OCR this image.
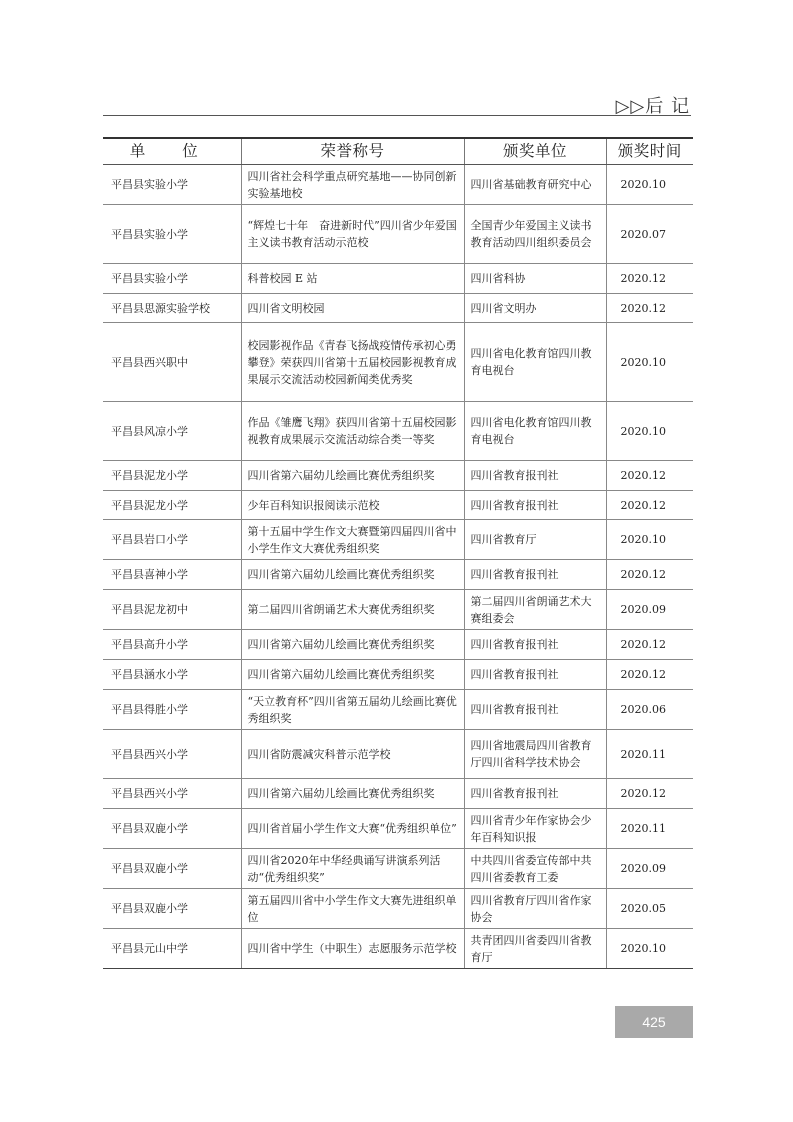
▷▷后 记
单 位	荣誉称号	颁奖单位	颁奖时间
平昌县实验小学	四川省社会科学重点研究基地——协同创新实验基地校	四川省基础教育研究中心	2020.10
平昌县实验小学	“辉煌七十年　奋进新时代”四川省少年爱国主义读书教育活动示范校	全国青少年爱国主义读书教育活动四川组织委员会	2020.07
平昌县实验小学	科普校园 E 站	四川省科协	2020.12
平昌县思源实验学校	四川省文明校园	四川省文明办	2020.12
平昌县西兴职中	校园影视作品《青春飞扬战疫情传承初心勇攀登》荣获四川省第十五届校园影视教育成果展示交流活动校园新闻类优秀奖	四川省电化教育馆四川教育电视台	2020.10
平昌县风凉小学	作品《雏鹰飞翔》获四川省第十五届校园影视教育成果展示交流活动综合类一等奖	四川省电化教育馆四川教育电视台	2020.10
平昌县泥龙小学	四川省第六届幼儿绘画比赛优秀组织奖	四川省教育报刊社	2020.12
平昌县泥龙小学	少年百科知识报阅读示范校	四川省教育报刊社	2020.12
平昌县岩口小学	第十五届中学生作文大赛暨第四届四川省中小学生作文大赛优秀组织奖	四川省教育厅	2020.10
平昌县喜神小学	四川省第六届幼儿绘画比赛优秀组织奖	四川省教育报刊社	2020.12
平昌县泥龙初中	第二届四川省朗诵艺术大赛优秀组织奖	第二届四川省朗诵艺术大赛组委会	2020.09
平昌县高升小学	四川省第六届幼儿绘画比赛优秀组织奖	四川省教育报刊社	2020.12
平昌县涵水小学	四川省第六届幼儿绘画比赛优秀组织奖	四川省教育报刊社	2020.12
平昌县得胜小学	“天立教育杯”四川省第五届幼儿绘画比赛优秀组织奖	四川省教育报刊社	2020.06
平昌县西兴小学	四川省防震减灾科普示范学校	四川省地震局四川省教育厅四川省科学技术协会	2020.11
平昌县西兴小学	四川省第六届幼儿绘画比赛优秀组织奖	四川省教育报刊社	2020.12
平昌县双鹿小学	四川省首届小学生作文大赛“优秀组织单位”	四川省青少年作家协会少年百科知识报	2020.11
平昌县双鹿小学	四川省2020年中华经典诵写讲演系列活动“优秀组织奖”	中共四川省委宣传部中共四川省委教育工委	2020.09
平昌县双鹿小学	第五届四川省中小学生作文大赛先进组织单位	四川省教育厅四川省作家协会	2020.05
平昌县元山中学	四川省中学生（中职生）志愿服务示范学校	共青团四川省委四川省教育厅	2020.10
425
